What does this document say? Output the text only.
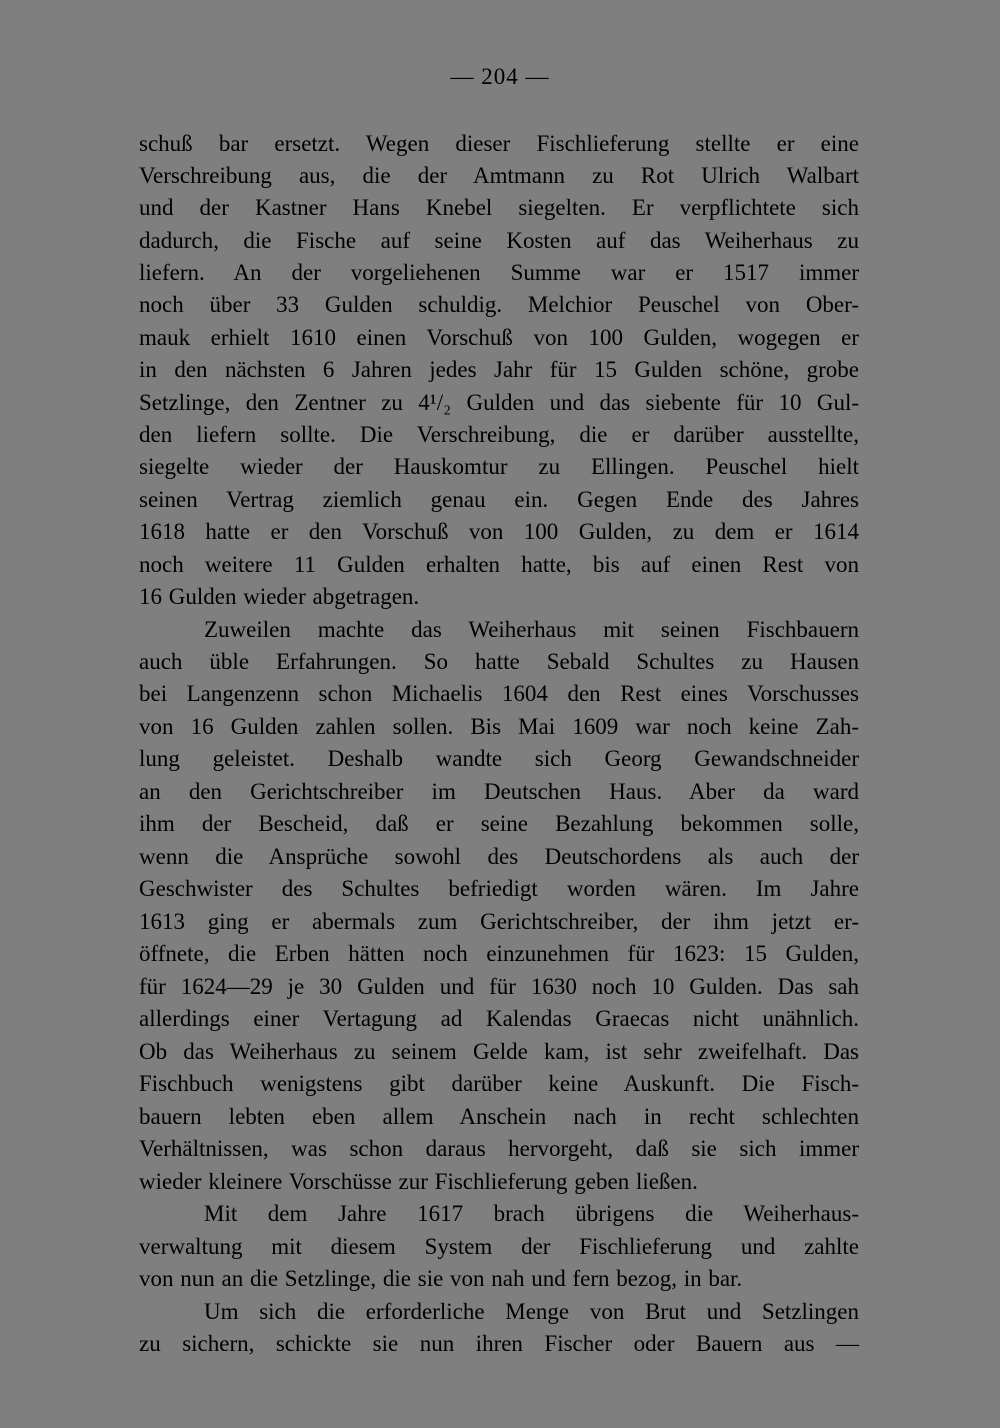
— 204 —
schuß bar ersetzt. Wegen dieser Fischlieferung stellte er eine
Verschreibung aus, die der Amtmann zu Rot Ulrich Walbart
und der Kastner Hans Knebel siegelten. Er verpflichtete sich
dadurch, die Fische auf seine Kosten auf das Weiherhaus zu
liefern. An der vorgeliehenen Summe war er 1517 immer
noch über 33 Gulden schuldig. Melchior Peuschel von Ober-
mauk erhielt 1610 einen Vorschuß von 100 Gulden, wogegen er
in den nächsten 6 Jahren jedes Jahr für 15 Gulden schöne, grobe
Setzlinge, den Zentner zu 4¹/₂ Gulden und das siebente für 10 Gul-
den liefern sollte. Die Verschreibung, die er darüber ausstellte,
siegelte wieder der Hauskomtur zu Ellingen. Peuschel hielt
seinen Vertrag ziemlich genau ein. Gegen Ende des Jahres
1618 hatte er den Vorschuß von 100 Gulden, zu dem er 1614
noch weitere 11 Gulden erhalten hatte, bis auf einen Rest von
16 Gulden wieder abgetragen.
Zuweilen machte das Weiherhaus mit seinen Fischbauern
auch üble Erfahrungen. So hatte Sebald Schultes zu Hausen
bei Langenzenn schon Michaelis 1604 den Rest eines Vorschusses
von 16 Gulden zahlen sollen. Bis Mai 1609 war noch keine Zah-
lung geleistet. Deshalb wandte sich Georg Gewandschneider
an den Gerichtschreiber im Deutschen Haus. Aber da ward
ihm der Bescheid, daß er seine Bezahlung bekommen solle,
wenn die Ansprüche sowohl des Deutschordens als auch der
Geschwister des Schultes befriedigt worden wären. Im Jahre
1613 ging er abermals zum Gerichtschreiber, der ihm jetzt er-
öffnete, die Erben hätten noch einzunehmen für 1623: 15 Gulden,
für 1624—29 je 30 Gulden und für 1630 noch 10 Gulden. Das sah
allerdings einer Vertagung ad Kalendas Graecas nicht unähnlich.
Ob das Weiherhaus zu seinem Gelde kam, ist sehr zweifelhaft. Das
Fischbuch wenigstens gibt darüber keine Auskunft. Die Fisch-
bauern lebten eben allem Anschein nach in recht schlechten
Verhältnissen, was schon daraus hervorgeht, daß sie sich immer
wieder kleinere Vorschüsse zur Fischlieferung geben ließen.
Mit dem Jahre 1617 brach übrigens die Weiherhaus-
verwaltung mit diesem System der Fischlieferung und zahlte
von nun an die Setzlinge, die sie von nah und fern bezog, in bar.
Um sich die erforderliche Menge von Brut und Setzlingen
zu sichern, schickte sie nun ihren Fischer oder Bauern aus —
